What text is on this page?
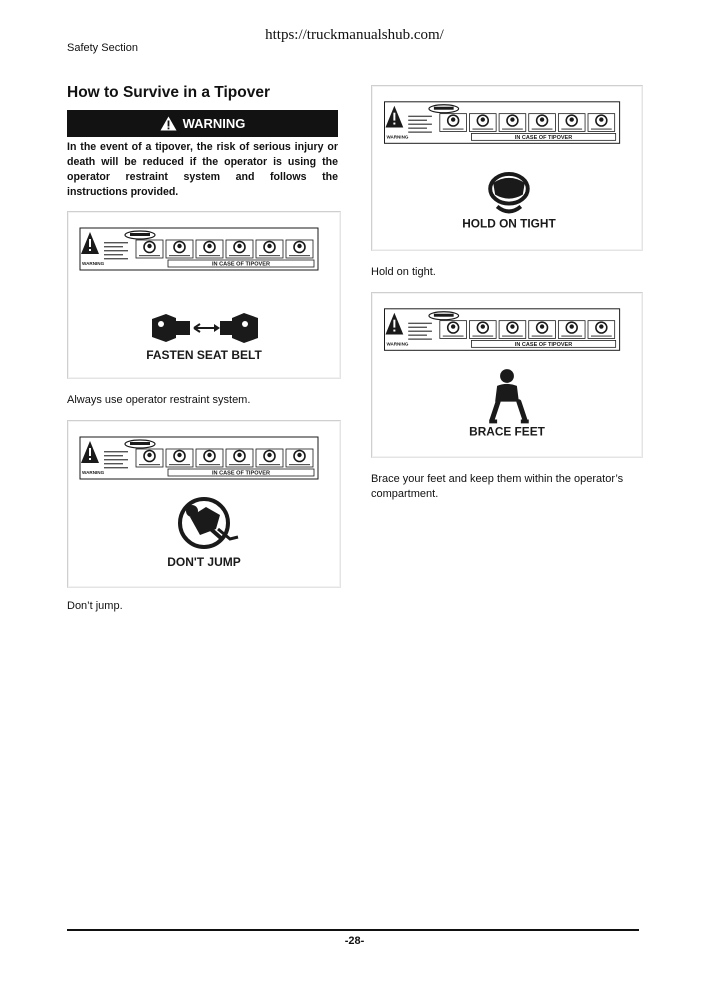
https://truckmanualshub.com/
Safety Section
How to Survive in a Tipover
WARNING

In the event of a tipover, the risk of serious injury or death will be reduced if the operator is using the operator restraint system and follows the instructions provided.

WARNING	IN CASE OF TIPOVER
FASTEN SEAT BELT

Always use operator restraint system.

WARNING	IN CASE OF TIPOVER
DON'T JUMP

Don’t jump.

WARNING	IN CASE OF TIPOVER
HOLD ON TIGHT

Hold on tight.

WARNING	IN CASE OF TIPOVER
BRACE FEET

Brace your feet and keep them within the operator’s compartment.

-28-
